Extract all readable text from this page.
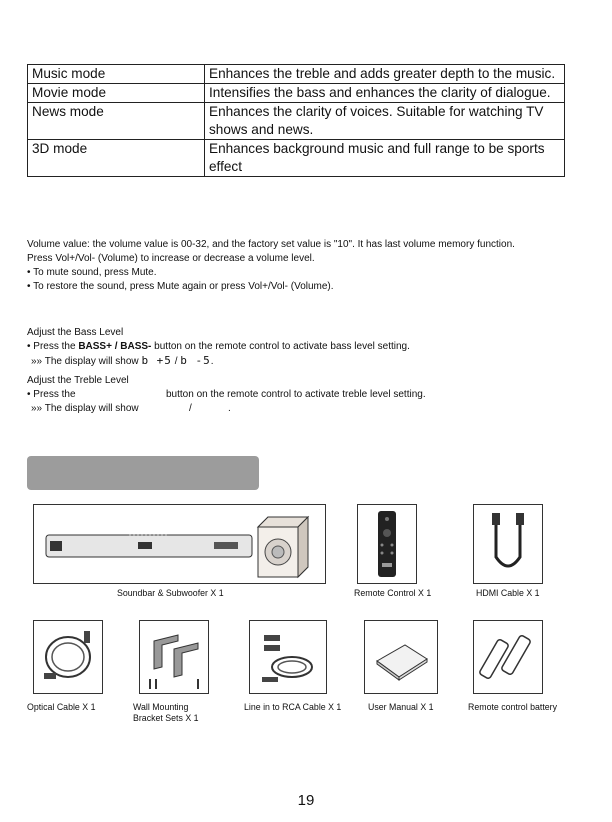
Music mode	Enhances the treble and adds greater depth to the music.
Movie mode	Intensifies the bass and enhances the clarity of dialogue.
News mode	Enhances the clarity of voices. Suitable for watching TV shows and news.
3D mode	Enhances background music and full range to be sports effect
Volume value: the volume value is 00-32, and the factory set value is "10". It has last volume memory function.
Press Vol+/Vol- (Volume) to increase or decrease a volume level.
• To mute sound, press Mute.
• To restore the sound, press Mute again or press Vol+/Vol- (Volume).
Adjust the Bass Level
• Press the BASS+ / BASS- button on the remote control to activate bass level setting.
»» The display will show b +5 / b -5.
Adjust the Treble Level
• Press the	button on the remote control to activate treble level setting.
»» The display will show	/	.
Soundbar & Subwoofer X 1	Remote Control X 1	HDMI Cable X 1
Optical Cable X 1	Wall Mounting
Bracket Sets X 1
Line in to RCA Cable X 1	User Manual X 1	Remote control battery
19
